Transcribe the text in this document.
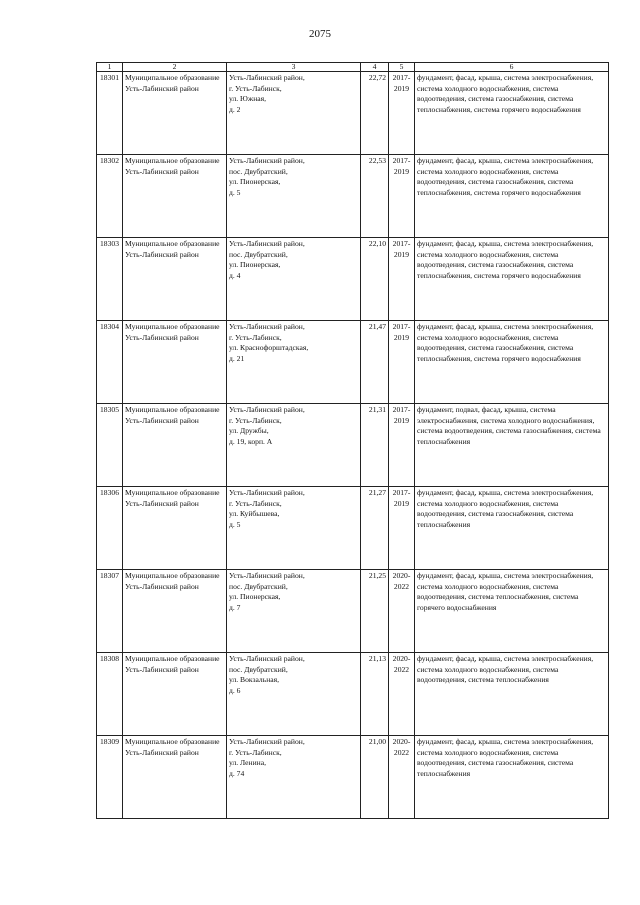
2075
1	2	3	4	5	6
18301	Муниципальное образование Усть-Лабинский район	Усть-Лабинский район,
г. Усть-Лабинск,
ул. Южная,
д. 2	22,72	2017-
2019	фундамент, фасад, крыша, система электроснабжения, система холодного водоснабжения, система водоотведения, система газоснабжения, система теплоснабжения, система горячего водоснабжения

18302	Муниципальное образование Усть-Лабинский район	Усть-Лабинский район,
пос. Двубратский,
ул. Пионерская,
д. 5	22,53	2017-
2019	фундамент, фасад, крыша, система электроснабжения, система холодного водоснабжения, система водоотведения, система газоснабжения, система теплоснабжения, система горячего водоснабжения

18303	Муниципальное образование Усть-Лабинский район	Усть-Лабинский район,
пос. Двубратский,
ул. Пионерская,
д. 4	22,10	2017-
2019	фундамент, фасад, крыша, система электроснабжения, система холодного водоснабжения, система водоотведения, система газоснабжения, система теплоснабжения, система горячего водоснабжения

18304	Муниципальное образование Усть-Лабинский район	Усть-Лабинский район,
г. Усть-Лабинск,
ул. Краснофорштадская,
д. 21	21,47	2017-
2019	фундамент, фасад, крыша, система электроснабжения, система холодного водоснабжения, система водоотведения, система газоснабжения, система теплоснабжения, система горячего водоснабжения

18305	Муниципальное образование Усть-Лабинский район	Усть-Лабинский район,
г. Усть-Лабинск,
ул. Дружбы,
д. 19, корп. А	21,31	2017-
2019	фундамент, подвал, фасад, крыша, система электроснабжения, система холодного водоснабжения, система водоотведения, система газоснабжения, система теплоснабжения

18306	Муниципальное образование Усть-Лабинский район	Усть-Лабинский район,
г. Усть-Лабинск,
ул. Куйбышева,
д. 5	21,27	2017-
2019	фундамент, фасад, крыша, система электроснабжения, система холодного водоснабжения, система водоотведения, система газоснабжения, система теплоснабжения

18307	Муниципальное образование Усть-Лабинский район	Усть-Лабинский район,
пос. Двубратский,
ул. Пионерская,
д. 7	21,25	2020-
2022	фундамент, фасад, крыша, система электроснабжения, система холодного водоснабжения, система водоотведения, система теплоснабжения, система горячего водоснабжения

18308	Муниципальное образование Усть-Лабинский район	Усть-Лабинский район,
пос. Двубратский,
ул. Вокзальная,
д. 6	21,13	2020-
2022	фундамент, фасад, крыша, система электроснабжения, система холодного водоснабжения, система водоотведения, система теплоснабжения

18309	Муниципальное образование Усть-Лабинский район	Усть-Лабинский район,
г. Усть-Лабинск,
ул. Ленина,
д. 74	21,00	2020-
2022	фундамент, фасад, крыша, система электроснабжения, система холодного водоснабжения, система водоотведения, система газоснабжения, система теплоснабжения
